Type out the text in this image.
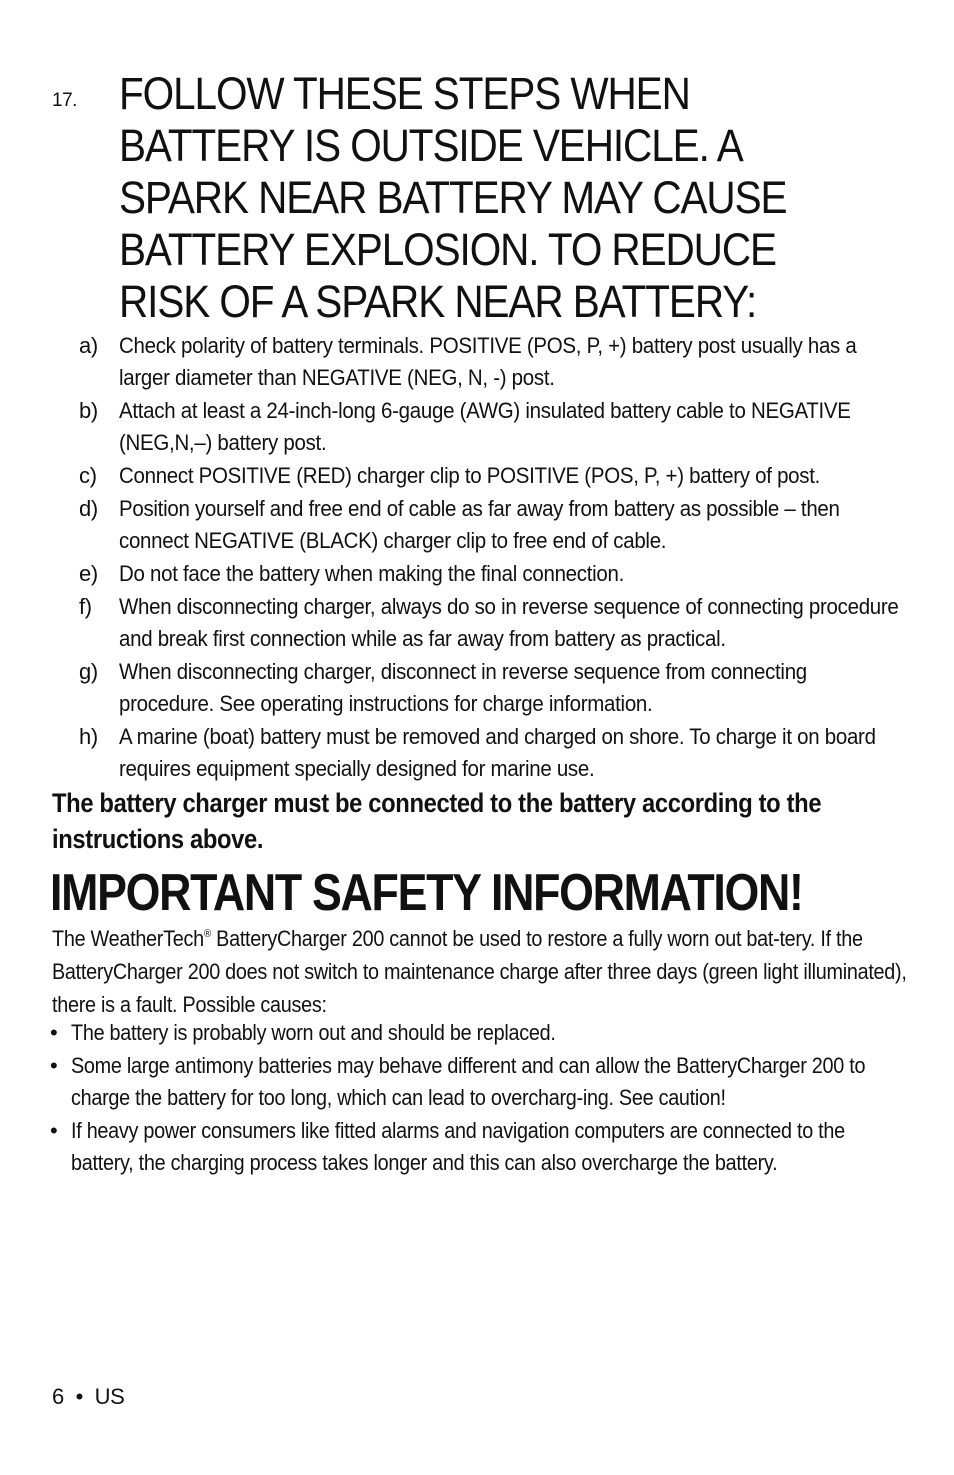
17. FOLLOW THESE STEPS WHEN BATTERY IS OUTSIDE VEHICLE. A SPARK NEAR BATTERY MAY CAUSE BATTERY EXPLOSION. TO REDUCE RISK OF A SPARK NEAR BATTERY:
a) Check polarity of battery terminals. POSITIVE (POS, P, +) battery post usually has a larger diameter than NEGATIVE (NEG, N, -) post.
b) Attach at least a 24-inch-long 6-gauge (AWG) insulated battery cable to NEGATIVE (NEG,N,–) battery post.
c) Connect POSITIVE (RED) charger clip to POSITIVE (POS, P, +) battery of post.
d) Position yourself and free end of cable as far away from battery as possible – then connect NEGATIVE (BLACK) charger clip to free end of cable.
e) Do not face the battery when making the final connection.
f) When disconnecting charger, always do so in reverse sequence of connecting procedure and break first connection while as far away from battery as practical.
g) When disconnecting charger, disconnect in reverse sequence from connecting procedure. See operating instructions for charge information.
h) A marine (boat) battery must be removed and charged on shore. To charge it on board requires equipment specially designed for marine use.

The battery charger must be connected to the battery according to the instructions above.

IMPORTANT SAFETY INFORMATION!

The WeatherTech® BatteryCharger 200 cannot be used to restore a fully worn out bat-tery. If the BatteryCharger 200 does not switch to maintenance charge after three days (green light illuminated), there is a fault. Possible causes:

• The battery is probably worn out and should be replaced.
• Some large antimony batteries may behave different and can allow the BatteryCharger 200 to charge the battery for too long, which can lead to overcharg-ing. See caution!
• If heavy power consumers like fitted alarms and navigation computers are connected to the battery, the charging process takes longer and this can also overcharge the battery.
6 • US
